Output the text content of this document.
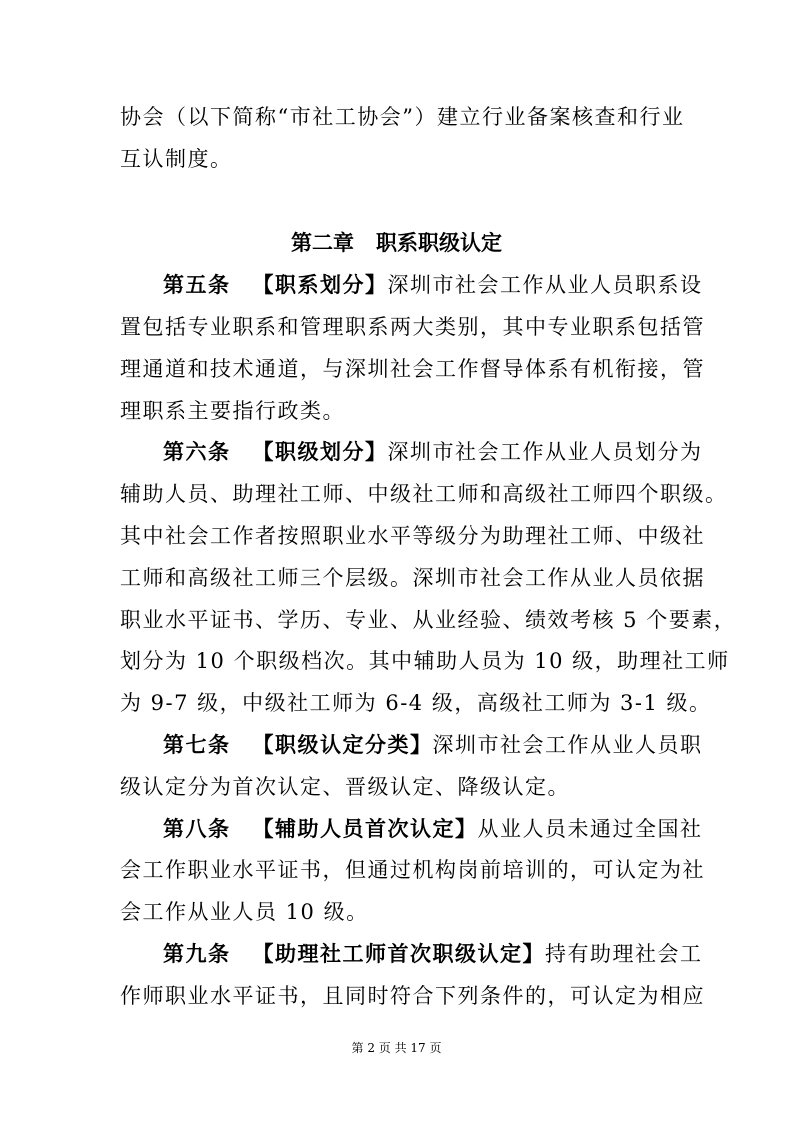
协会（以下简称“市社工协会”）建立行业备案核查和行业
互认制度。
第二章 职系职级认定
第五条 【职系划分】深圳市社会工作从业人员职系设
置包括专业职系和管理职系两大类别，其中专业职系包括管
理通道和技术通道，与深圳社会工作督导体系有机衔接，管
理职系主要指行政类。
第六条 【职级划分】深圳市社会工作从业人员划分为
辅助人员、助理社工师、中级社工师和高级社工师四个职级。
其中社会工作者按照职业水平等级分为助理社工师、中级社
工师和高级社工师三个层级。深圳市社会工作从业人员依据
职业水平证书、学历、专业、从业经验、绩效考核 5 个要素，
划分为 10 个职级档次。其中辅助人员为 10 级，助理社工师
为 9-7 级，中级社工师为 6-4 级，高级社工师为 3-1 级。
第七条 【职级认定分类】深圳市社会工作从业人员职
级认定分为首次认定、晋级认定、降级认定。
第八条 【辅助人员首次认定】从业人员未通过全国社
会工作职业水平证书，但通过机构岗前培训的，可认定为社
会工作从业人员 10 级。
第九条 【助理社工师首次职级认定】持有助理社会工
作师职业水平证书，且同时符合下列条件的，可认定为相应
第 2 页 共 17 页
